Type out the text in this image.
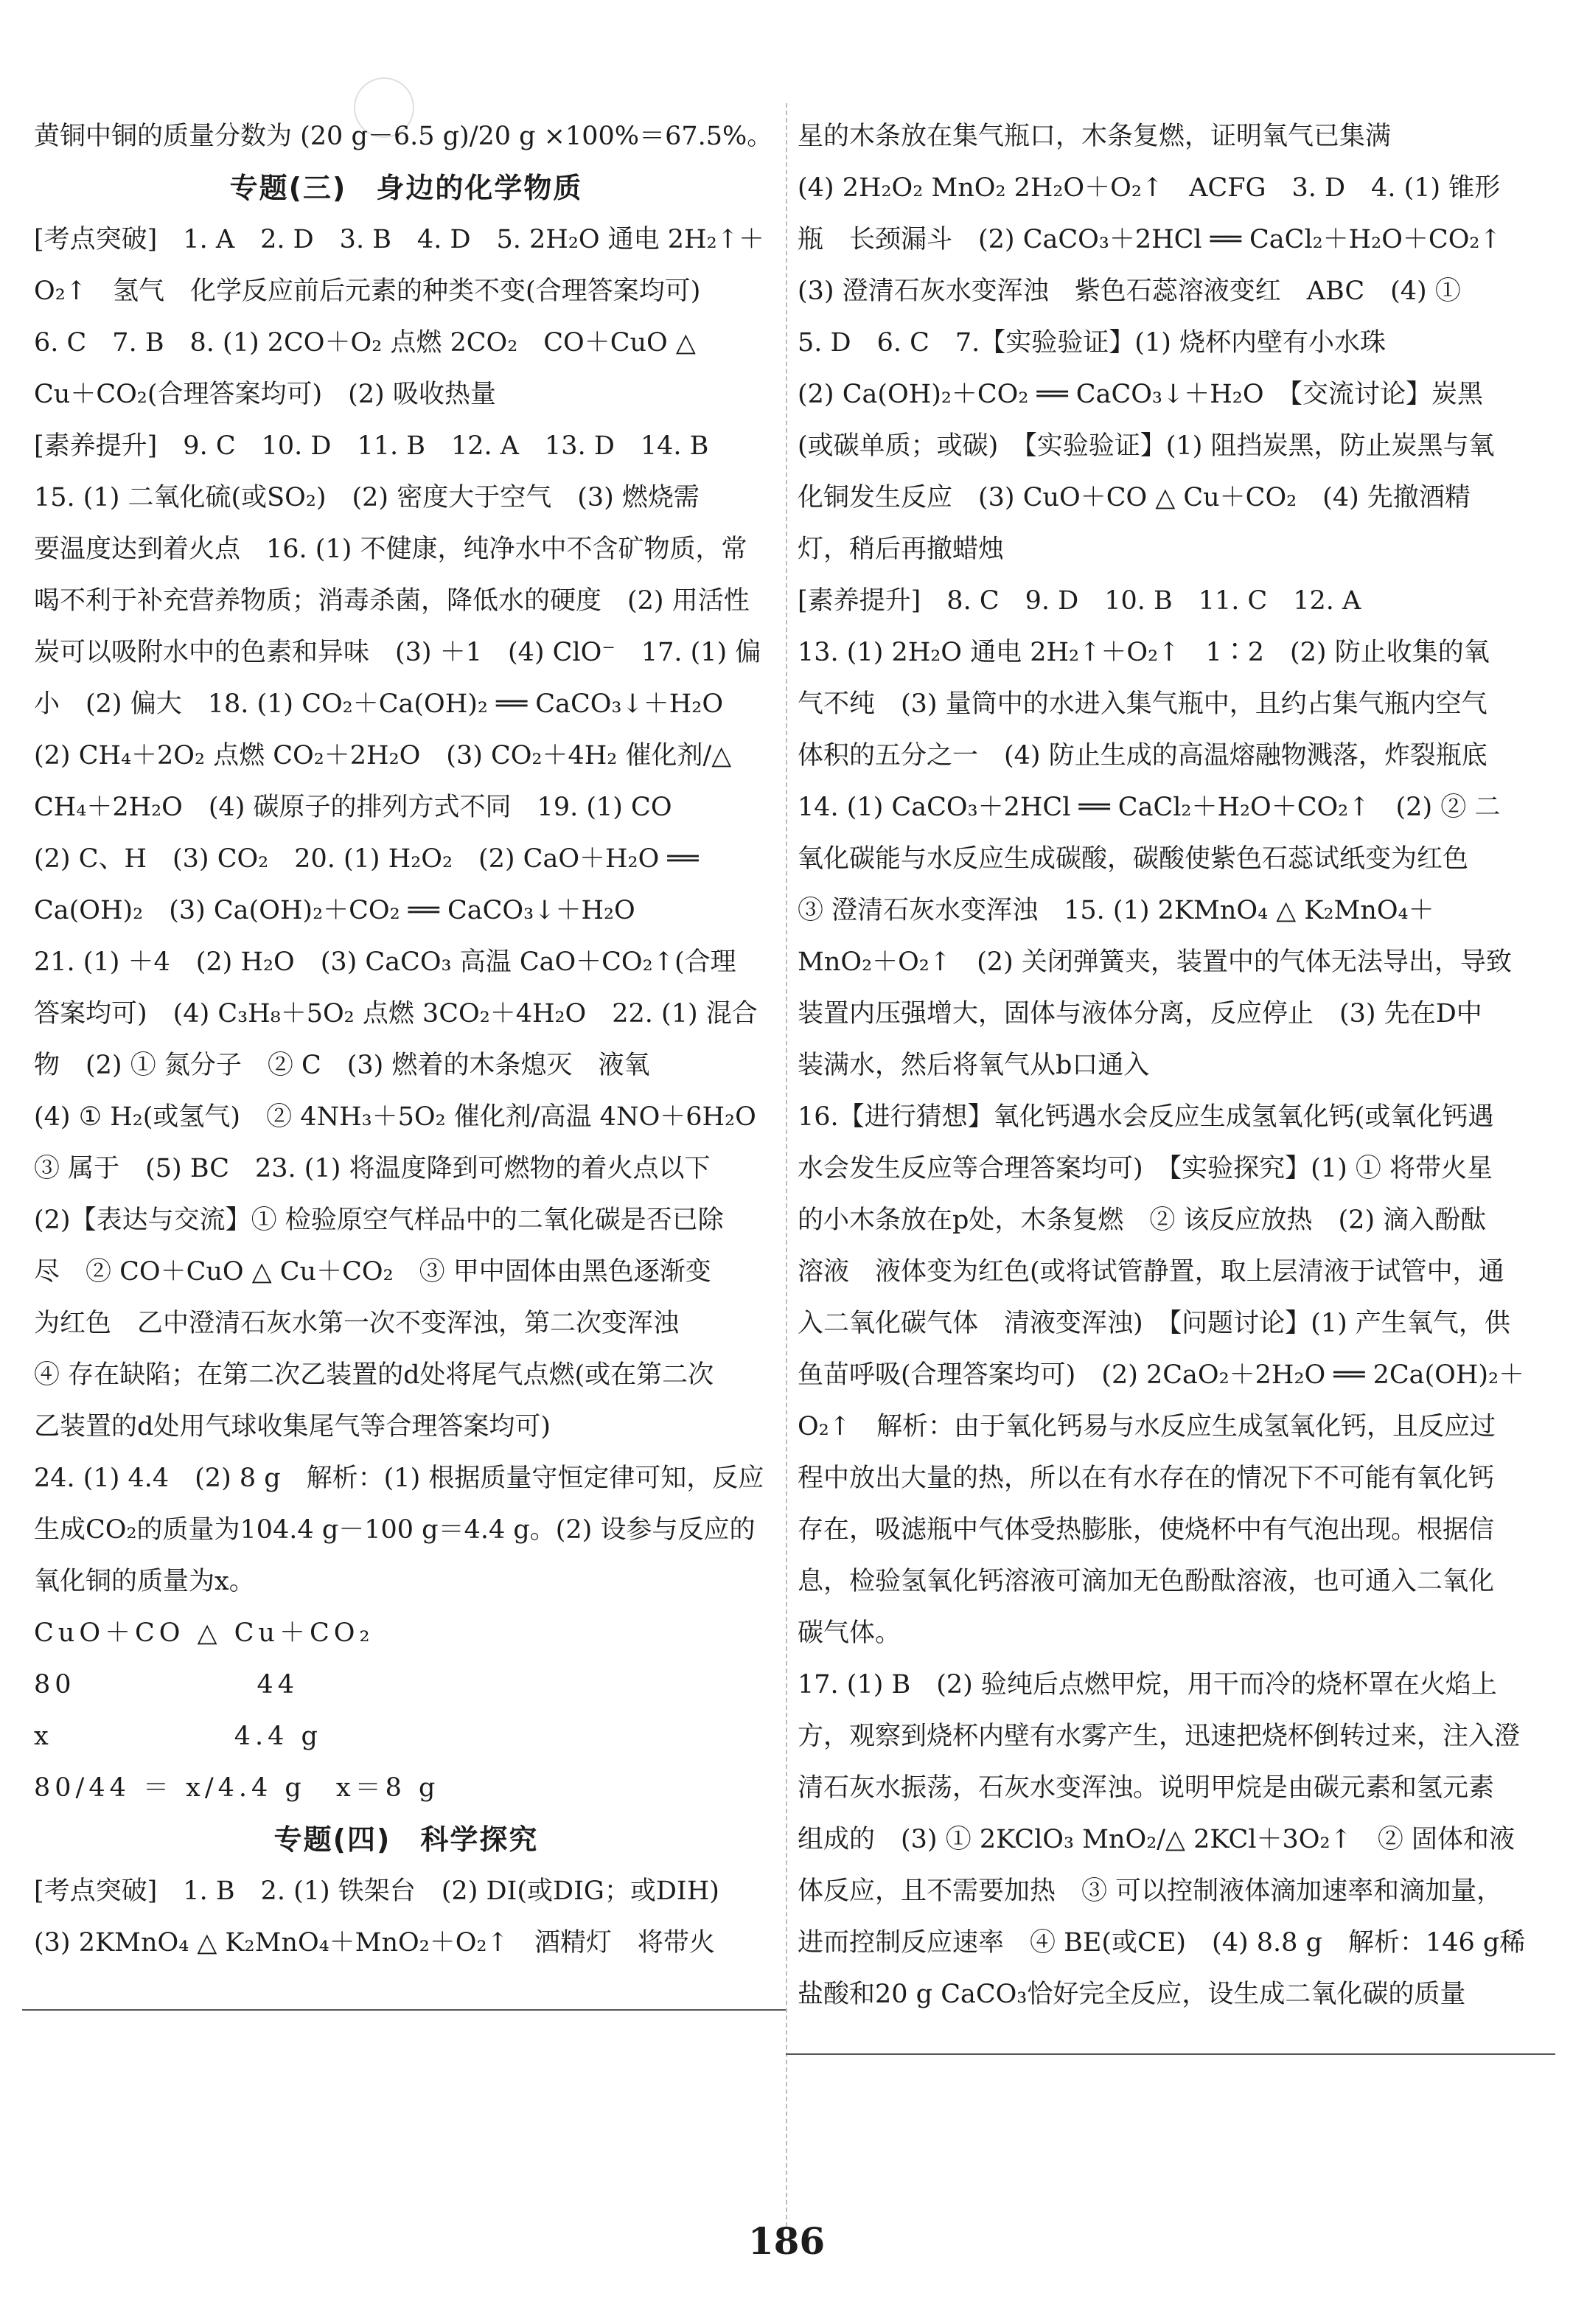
黄铜中铜的质量分数为 (20 g－6.5 g)/20 g ×100%＝67.5%。
专题(三)　身边的化学物质
[考点突破]　1. A　2. D　3. B　4. D　5. 2H₂O 通电 2H₂↑＋
O₂↑　氢气　化学反应前后元素的种类不变(合理答案均可)
6. C　7. B　8. (1) 2CO＋O₂ 点燃 2CO₂　CO＋CuO △
Cu＋CO₂(合理答案均可)　(2) 吸收热量
[素养提升]　9. C　10. D　11. B　12. A　13. D　14. B
15. (1) 二氧化硫(或SO₂)　(2) 密度大于空气　(3) 燃烧需
要温度达到着火点　16. (1) 不健康，纯净水中不含矿物质，常
喝不利于补充营养物质；消毒杀菌，降低水的硬度　(2) 用活性
炭可以吸附水中的色素和异味　(3) ＋1　(4) ClO⁻　17. (1) 偏
小　(2) 偏大　18. (1) CO₂＋Ca(OH)₂ ══ CaCO₃↓＋H₂O
(2) CH₄＋2O₂ 点燃 CO₂＋2H₂O　(3) CO₂＋4H₂ 催化剂/△
CH₄＋2H₂O　(4) 碳原子的排列方式不同　19. (1) CO
(2) C、H　(3) CO₂　20. (1) H₂O₂　(2) CaO＋H₂O ══
Ca(OH)₂　(3) Ca(OH)₂＋CO₂ ══ CaCO₃↓＋H₂O
21. (1) ＋4　(2) H₂O　(3) CaCO₃ 高温 CaO＋CO₂↑(合理
答案均可)　(4) C₃H₈＋5O₂ 点燃 3CO₂＋4H₂O　22. (1) 混合
物　(2) ① 氮分子　② C　(3) 燃着的木条熄灭　液氧
(4) ① H₂(或氢气)　② 4NH₃＋5O₂ 催化剂/高温 4NO＋6H₂O
③ 属于　(5) BC　23. (1) 将温度降到可燃物的着火点以下
(2)【表达与交流】① 检验原空气样品中的二氧化碳是否已除
尽　② CO＋CuO △ Cu＋CO₂　③ 甲中固体由黑色逐渐变
为红色　乙中澄清石灰水第一次不变浑浊，第二次变浑浊
④ 存在缺陷；在第二次乙装置的d处将尾气点燃(或在第二次
乙装置的d处用气球收集尾气等合理答案均可)
24. (1) 4.4　(2) 8 g　解析：(1) 根据质量守恒定律可知，反应
生成CO₂的质量为104.4 g－100 g＝4.4 g。(2) 设参与反应的
氧化铜的质量为x。
CuO＋CO △ Cu＋CO₂
80　　　　　　44
x　　　　　　4.4 g
80/44 ＝ x/4.4 g　x＝8 g
专题(四)　科学探究
[考点突破]　1. B　2. (1) 铁架台　(2) DI(或DIG；或DIH)
(3) 2KMnO₄ △ K₂MnO₄＋MnO₂＋O₂↑　酒精灯　将带火
星的木条放在集气瓶口，木条复燃，证明氧气已集满
(4) 2H₂O₂ MnO₂ 2H₂O＋O₂↑　ACFG　3. D　4. (1) 锥形
瓶　长颈漏斗　(2) CaCO₃＋2HCl ══ CaCl₂＋H₂O＋CO₂↑
(3) 澄清石灰水变浑浊　紫色石蕊溶液变红　ABC　(4) ①
5. D　6. C　7.【实验验证】(1) 烧杯内壁有小水珠
(2) Ca(OH)₂＋CO₂ ══ CaCO₃↓＋H₂O　【交流讨论】炭黑
(或碳单质；或碳)　【实验验证】(1) 阻挡炭黑，防止炭黑与氧
化铜发生反应　(3) CuO＋CO △ Cu＋CO₂　(4) 先撤酒精
灯，稍后再撤蜡烛
[素养提升]　8. C　9. D　10. B　11. C　12. A
13. (1) 2H₂O 通电 2H₂↑＋O₂↑　1∶2　(2) 防止收集的氧
气不纯　(3) 量筒中的水进入集气瓶中，且约占集气瓶内空气
体积的五分之一　(4) 防止生成的高温熔融物溅落，炸裂瓶底
14. (1) CaCO₃＋2HCl ══ CaCl₂＋H₂O＋CO₂↑　(2) ② 二
氧化碳能与水反应生成碳酸，碳酸使紫色石蕊试纸变为红色
③ 澄清石灰水变浑浊　15. (1) 2KMnO₄ △ K₂MnO₄＋
MnO₂＋O₂↑　(2) 关闭弹簧夹，装置中的气体无法导出，导致
装置内压强增大，固体与液体分离，反应停止　(3) 先在D中
装满水，然后将氧气从b口通入
16.【进行猜想】氧化钙遇水会反应生成氢氧化钙(或氧化钙遇
水会发生反应等合理答案均可)　【实验探究】(1) ① 将带火星
的小木条放在p处，木条复燃　② 该反应放热　(2) 滴入酚酞
溶液　液体变为红色(或将试管静置，取上层清液于试管中，通
入二氧化碳气体　清液变浑浊)　【问题讨论】(1) 产生氧气，供
鱼苗呼吸(合理答案均可)　(2) 2CaO₂＋2H₂O ══ 2Ca(OH)₂＋
O₂↑　解析：由于氧化钙易与水反应生成氢氧化钙，且反应过
程中放出大量的热，所以在有水存在的情况下不可能有氧化钙
存在，吸滤瓶中气体受热膨胀，使烧杯中有气泡出现。根据信
息，检验氢氧化钙溶液可滴加无色酚酞溶液，也可通入二氧化
碳气体。
17. (1) B　(2) 验纯后点燃甲烷，用干而冷的烧杯罩在火焰上
方，观察到烧杯内壁有水雾产生，迅速把烧杯倒转过来，注入澄
清石灰水振荡，石灰水变浑浊。说明甲烷是由碳元素和氢元素
组成的　(3) ① 2KClO₃ MnO₂/△ 2KCl＋3O₂↑　② 固体和液
体反应，且不需要加热　③ 可以控制液体滴加速率和滴加量，
进而控制反应速率　④ BE(或CE)　(4) 8.8 g　解析：146 g稀
盐酸和20 g CaCO₃恰好完全反应，设生成二氧化碳的质量
186
